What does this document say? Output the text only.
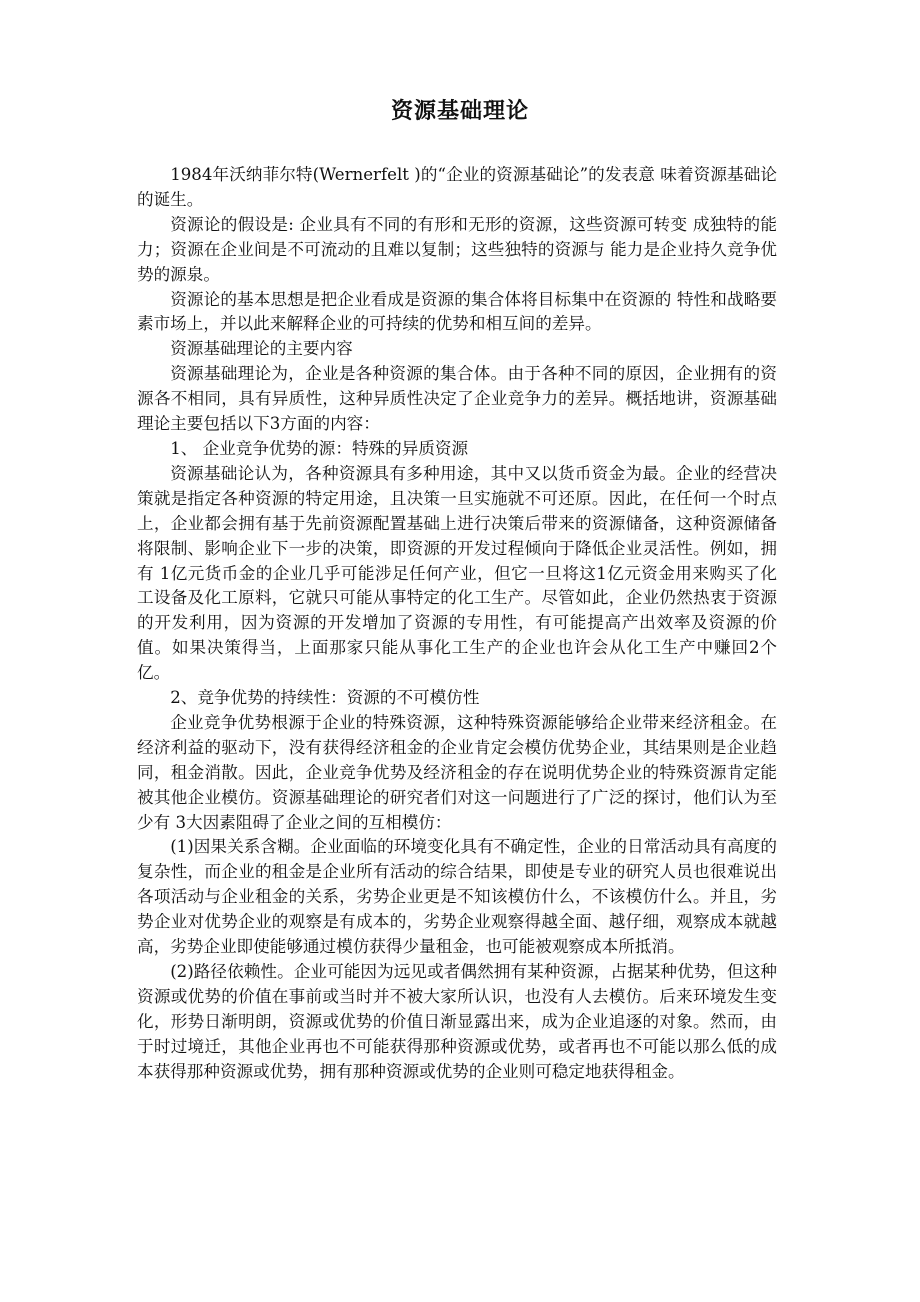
资源基础理论

1984年沃纳菲尔特(Wernerfelt )的“企业的资源基础论”的发表意 味着资源基础论的诞生。

资源论的假设是: 企业具有不同的有形和无形的资源，这些资源可转变 成独特的能力；资源在企业间是不可流动的且难以复制；这些独特的资源与 能力是企业持久竞争优势的源泉。

资源论的基本思想是把企业看成是资源的集合体将目标集中在资源的 特性和战略要素市场上，并以此来解释企业的可持续的优势和相互间的差异。

资源基础理论的主要内容

资源基础理论为，企业是各种资源的集合体。由于各种不同的原因，企业拥有的资源各不相同，具有异质性，这种异质性决定了企业竞争力的差异。概括地讲，资源基础理论主要包括以下3方面的内容：

1、 企业竞争优势的源：特殊的异质资源

资源基础论认为，各种资源具有多种用途，其中又以货币资金为最。企业的经营决策就是指定各种资源的特定用途，且决策一旦实施就不可还原。因此，在任何一个时点上，企业都会拥有基于先前资源配置基础上进行决策后带来的资源储备，这种资源储备将限制、影响企业下一步的决策，即资源的开发过程倾向于降低企业灵活性。例如，拥有 1亿元货币金的企业几乎可能涉足任何产业，但它一旦将这1亿元资金用来购买了化工设备及化工原料，它就只可能从事特定的化工生产。尽管如此，企业仍然热衷于资源的开发利用，因为资源的开发增加了资源的专用性，有可能提高产出效率及资源的价值。如果决策得当，上面那家只能从事化工生产的企业也许会从化工生产中赚回2个亿。

2、竞争优势的持续性：资源的不可模仿性

企业竞争优势根源于企业的特殊资源，这种特殊资源能够给企业带来经济租金。在经济利益的驱动下，没有获得经济租金的企业肯定会模仿优势企业，其结果则是企业趋同，租金消散。因此，企业竞争优势及经济租金的存在说明优势企业的特殊资源肯定能被其他企业模仿。资源基础理论的研究者们对这一问题进行了广泛的探讨，他们认为至少有 3大因素阻碍了企业之间的互相模仿：

(1)因果关系含糊。企业面临的环境变化具有不确定性，企业的日常活动具有高度的复杂性，而企业的租金是企业所有活动的综合结果，即使是专业的研究人员也很难说出各项活动与企业租金的关系，劣势企业更是不知该模仿什么，不该模仿什么。并且，劣势企业对优势企业的观察是有成本的，劣势企业观察得越全面、越仔细，观察成本就越高，劣势企业即使能够通过模仿获得少量租金，也可能被观察成本所抵消。

(2)路径依赖性。企业可能因为远见或者偶然拥有某种资源，占据某种优势，但这种资源或优势的价值在事前或当时并不被大家所认识，也没有人去模仿。后来环境发生变化，形势日渐明朗，资源或优势的价值日渐显露出来，成为企业追逐的对象。然而，由于时过境迁，其他企业再也不可能获得那种资源或优势，或者再也不可能以那么低的成本获得那种资源或优势，拥有那种资源或优势的企业则可稳定地获得租金。
